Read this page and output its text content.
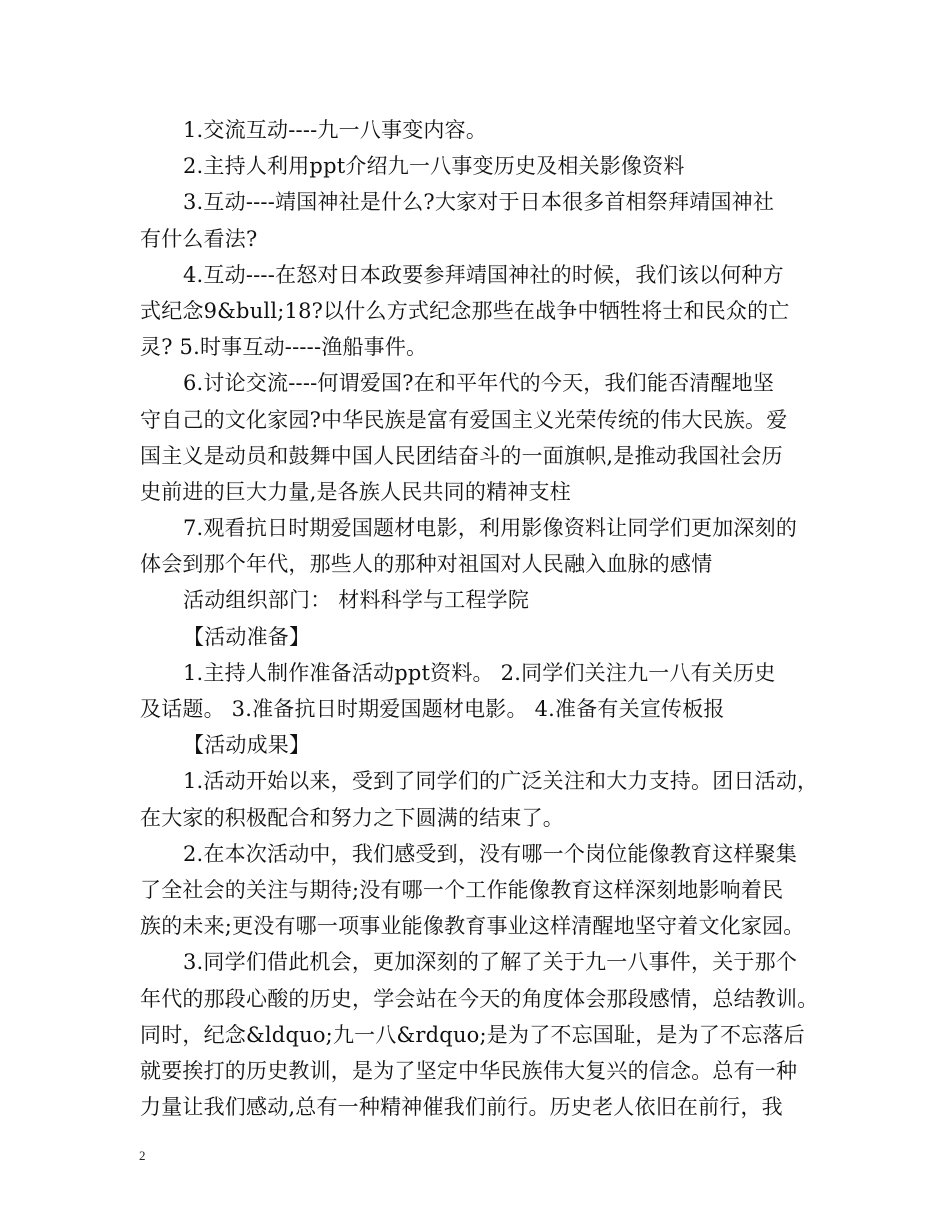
1.交流互动----九一八事变内容。
2.主持人利用ppt介绍九一八事变历史及相关影像资料
3.互动----靖国神社是什么?大家对于日本很多首相祭拜靖国神社
有什么看法?
4.互动----在怒对日本政要参拜靖国神社的时候，我们该以何种方
式纪念9&bull;18?以什么方式纪念那些在战争中牺牲将士和民众的亡
灵? 5.时事互动-----渔船事件。
6.讨论交流----何谓爱国?在和平年代的今天，我们能否清醒地坚
守自己的文化家园?中华民族是富有爱国主义光荣传统的伟大民族。爱
国主义是动员和鼓舞中国人民团结奋斗的一面旗帜,是推动我国社会历
史前进的巨大力量,是各族人民共同的精神支柱
7.观看抗日时期爱国题材电影，利用影像资料让同学们更加深刻的
体会到那个年代，那些人的那种对祖国对人民融入血脉的感情
活动组织部门： 材料科学与工程学院
【活动准备】
1.主持人制作准备活动ppt资料。 2.同学们关注九一八有关历史
及话题。 3.准备抗日时期爱国题材电影。 4.准备有关宣传板报
【活动成果】
1.活动开始以来，受到了同学们的广泛关注和大力支持。团日活动，
在大家的积极配合和努力之下圆满的结束了。
2.在本次活动中，我们感受到，没有哪一个岗位能像教育这样聚集
了全社会的关注与期待;没有哪一个工作能像教育这样深刻地影响着民
族的未来;更没有哪一项事业能像教育事业这样清醒地坚守着文化家园。
3.同学们借此机会，更加深刻的了解了关于九一八事件，关于那个
年代的那段心酸的历史，学会站在今天的角度体会那段感情，总结教训。
同时，纪念&ldquo;九一八&rdquo;是为了不忘国耻，是为了不忘落后
就要挨打的历史教训，是为了坚定中华民族伟大复兴的信念。总有一种
力量让我们感动,总有一种精神催我们前行。历史老人依旧在前行，我
2
